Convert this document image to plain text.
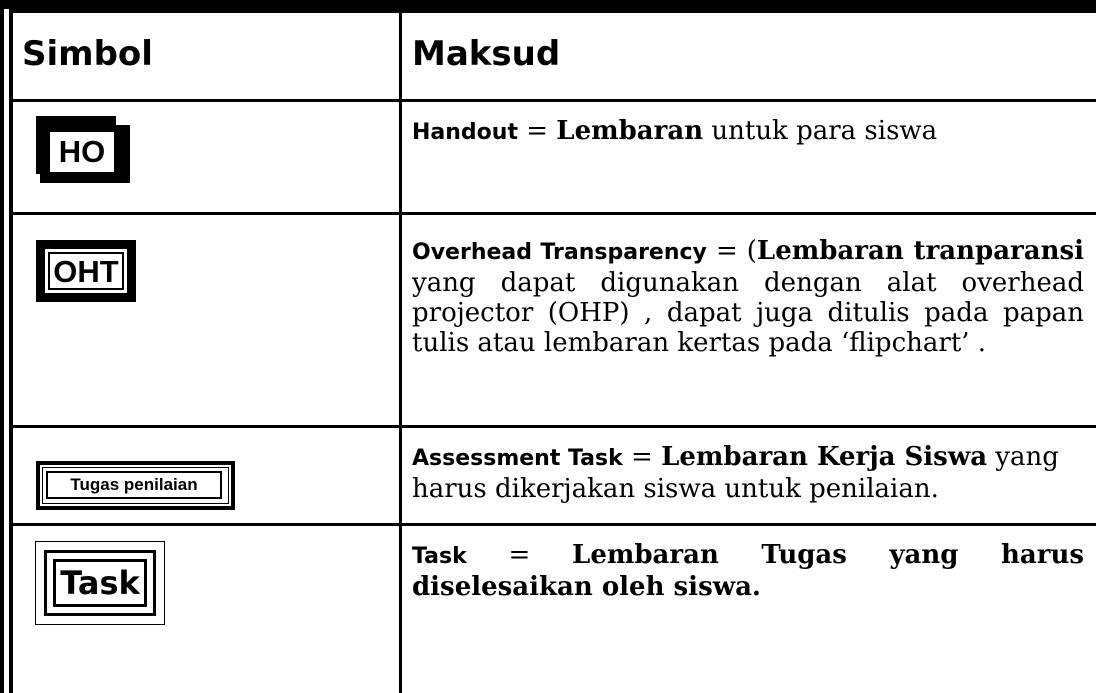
Simbol	Maksud
HO
Handout = Lembaran untuk para siswa
OHT
Overhead Transparency = (Lembaran tranparansi yang dapat digunakan dengan alat overhead projector (OHP) , dapat juga ditulis pada papan tulis atau lembaran kertas pada ‘flipchart’ .
Tugas penilaian
Assessment Task = Lembaran Kerja Siswa yang harus dikerjakan siswa untuk penilaian.
Task
Task = Lembaran Tugas yang harus diselesaikan oleh siswa.
